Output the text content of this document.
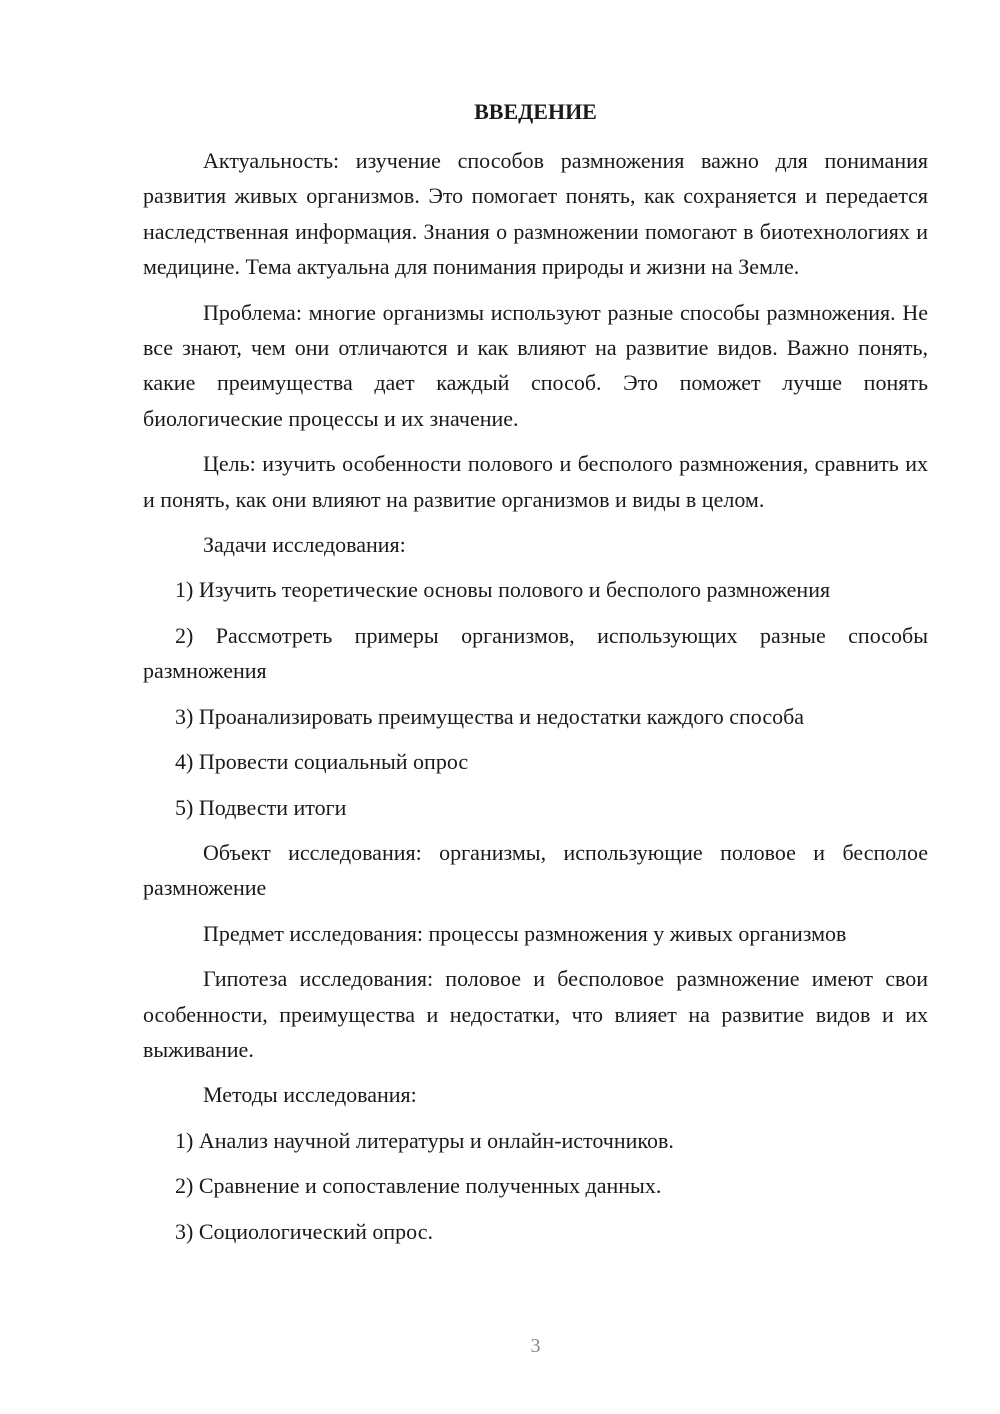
ВВЕДЕНИЕ

Актуальность: изучение способов размножения важно для понимания развития живых организмов. Это помогает понять, как сохраняется и передается наследственная информация. Знания о размножении помогают в биотехнологиях и медицине. Тема актуальна для понимания природы и жизни на Земле.

Проблема: многие организмы используют разные способы размножения. Не все знают, чем они отличаются и как влияют на развитие видов. Важно понять, какие преимущества дает каждый способ. Это поможет лучше понять биологические процессы и их значение.

Цель: изучить особенности полового и бесполого размножения, сравнить их и понять, как они влияют на развитие организмов и виды в целом.

Задачи исследования:

1) Изучить теоретические основы полового и бесполого размножения

2) Рассмотреть примеры организмов, использующих разные способы размножения

3) Проанализировать преимущества и недостатки каждого способа

4) Провести социальный опрос

5) Подвести итоги

Объект исследования: организмы, использующие половое и бесполое размножение

Предмет исследования: процессы размножения у живых организмов

Гипотеза исследования: половое и бесполовое размножение имеют свои особенности, преимущества и недостатки, что влияет на развитие видов и их выживание.

Методы исследования:

1) Анализ научной литературы и онлайн-источников.

2) Сравнение и сопоставление полученных данных.

3) Социологический опрос.

3
